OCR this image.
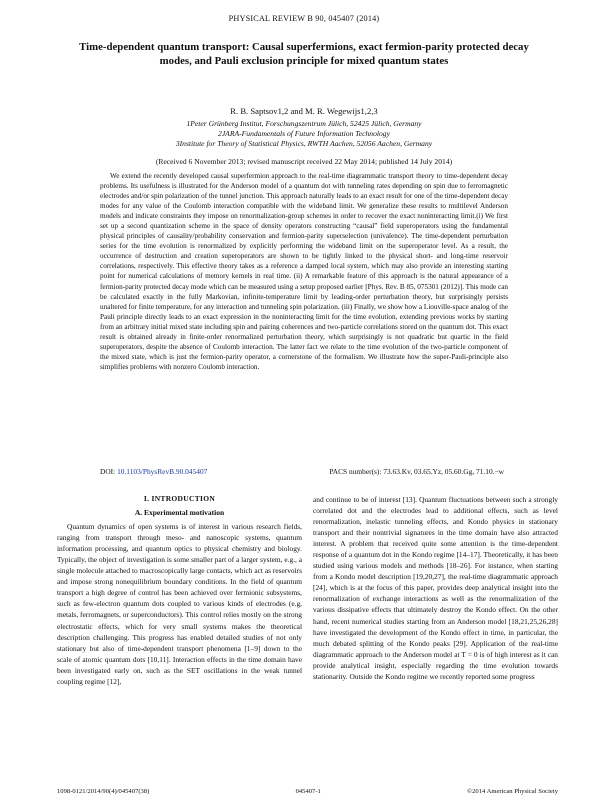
PHYSICAL REVIEW B 90, 045407 (2014)
Time-dependent quantum transport: Causal superfermions, exact fermion-parity protected decay modes, and Pauli exclusion principle for mixed quantum states
R. B. Saptsov1,2 and M. R. Wegewijs1,2,3
1Peter Grünberg Institut, Forschungszentrum Jülich, 52425 Jülich, Germany
2JARA-Fundamentals of Future Information Technology
3Institute for Theory of Statistical Physics, RWTH Aachen, 52056 Aachen, Germany
(Received 6 November 2013; revised manuscript received 22 May 2014; published 14 July 2014)
We extend the recently developed causal superfermion approach to the real-time diagrammatic transport theory to time-dependent decay problems. Its usefulness is illustrated for the Anderson model of a quantum dot with tunneling rates depending on spin due to ferromagnetic electrodes and/or spin polarization of the tunnel junction. This approach naturally leads to an exact result for one of the time-dependent decay modes for any value of the Coulomb interaction compatible with the wideband limit. We generalize these results to multilevel Anderson models and indicate constraints they impose on renormalization-group schemes in order to recover the exact noninteracting limit.(i) We first set up a second quantization scheme in the space of density operators constructing “causal” field superoperators using the fundamental physical principles of causality/probability conservation and fermion-parity superselection (univalence). The time-dependent perturbation series for the time evolution is renormalized by explicitly performing the wideband limit on the superoperator level. As a result, the occurrence of destruction and creation superoperators are shown to be tightly linked to the physical short- and long-time reservoir correlations, respectively. This effective theory takes as a reference a damped local system, which may also provide an interesting starting point for numerical calculations of memory kernels in real time. (ii) A remarkable feature of this approach is the natural appearance of a fermion-parity protected decay mode which can be measured using a setup proposed earlier [Phys. Rev. B 85, 075301 (2012)]. This mode can be calculated exactly in the fully Markovian, infinite-temperature limit by leading-order perturbation theory, but surprisingly persists unaltered for finite temperature, for any interaction and tunneling spin polarization. (iii) Finally, we show how a Liouville-space analog of the Pauli principle directly leads to an exact expression in the noninteracting limit for the time evolution, extending previous works by starting from an arbitrary initial mixed state including spin and pairing coherences and two-particle correlations stored on the quantum dot. This exact result is obtained already in finite-order renormalized perturbation theory, which surprisingly is not quadratic but quartic in the field superoperators, despite the absence of Coulomb interaction. The latter fact we relate to the time evolution of the two-particle component of the mixed state, which is just the fermion-parity operator, a cornerstone of the formalism. We illustrate how the super-Pauli-principle also simplifies problems with nonzero Coulomb interaction.
DOI: 10.1103/PhysRevB.90.045407	PACS number(s): 73.63.Kv, 03.65.Yz, 05.60.Gg, 71.10.−w
I. INTRODUCTION
A. Experimental motivation

Quantum dynamics of open systems is of interest in various research fields, ranging from transport through meso- and nanoscopic systems, quantum information processing, and quantum optics to physical chemistry and biology. Typically, the object of investigation is some smaller part of a larger system, e.g., a single molecule attached to macroscopically large contacts, which act as reservoirs and impose strong nonequilibrium boundary conditions. In the field of quantum transport a high degree of control has been achieved over fermionic subsystems, such as few-electron quantum dots coupled to various kinds of electrodes (e.g, metals, ferromagnets, or superconductors). This control relies mostly on the strong electrostatic effects, which for very small systems makes the theoretical description challenging. This progress has enabled detailed studies of not only stationary but also of time-dependent transport phenomena [1–9] down to the scale of atomic quantum dots [10,11]. Interaction effects in the time domain have been investigated early on, such as the SET oscillations in the weak tunnel coupling regime [12],

and continue to be of interest [13]. Quantum fluctuations between such a strongly correlated dot and the electrodes lead to additional effects, such as level renormalization, inelastic tunneling effects, and Kondo physics in stationary transport and their nontrivial signatures in the time domain have also attracted interest. A problem that received quite some attention is the time-dependent response of a quantum dot in the Kondo regime [14–17]. Theoretically, it has been studied using various models and methods [18–26]. For instance, when starting from a Kondo model description [19,20,27], the real-time diagrammatic approach [24], which is at the focus of this paper, provides deep analytical insight into the renormalization of exchange interactions as well as the renormalization of the various dissipative effects that ultimately destroy the Kondo effect. On the other hand, recent numerical studies starting from an Anderson model [18,21,25,26,28] have investigated the development of the Kondo effect in time, in particular, the much debated splitting of the Kondo peaks [29]. Application of the real-time diagrammatic approach to the Anderson model at T = 0 is of high interest as it can provide analytical insight, especially regarding the time evolution towards stationarity. Outside the Kondo regime we recently reported some progress

1098-0121/2014/90(4)/045407(38)	045407-1	©2014 American Physical Society
